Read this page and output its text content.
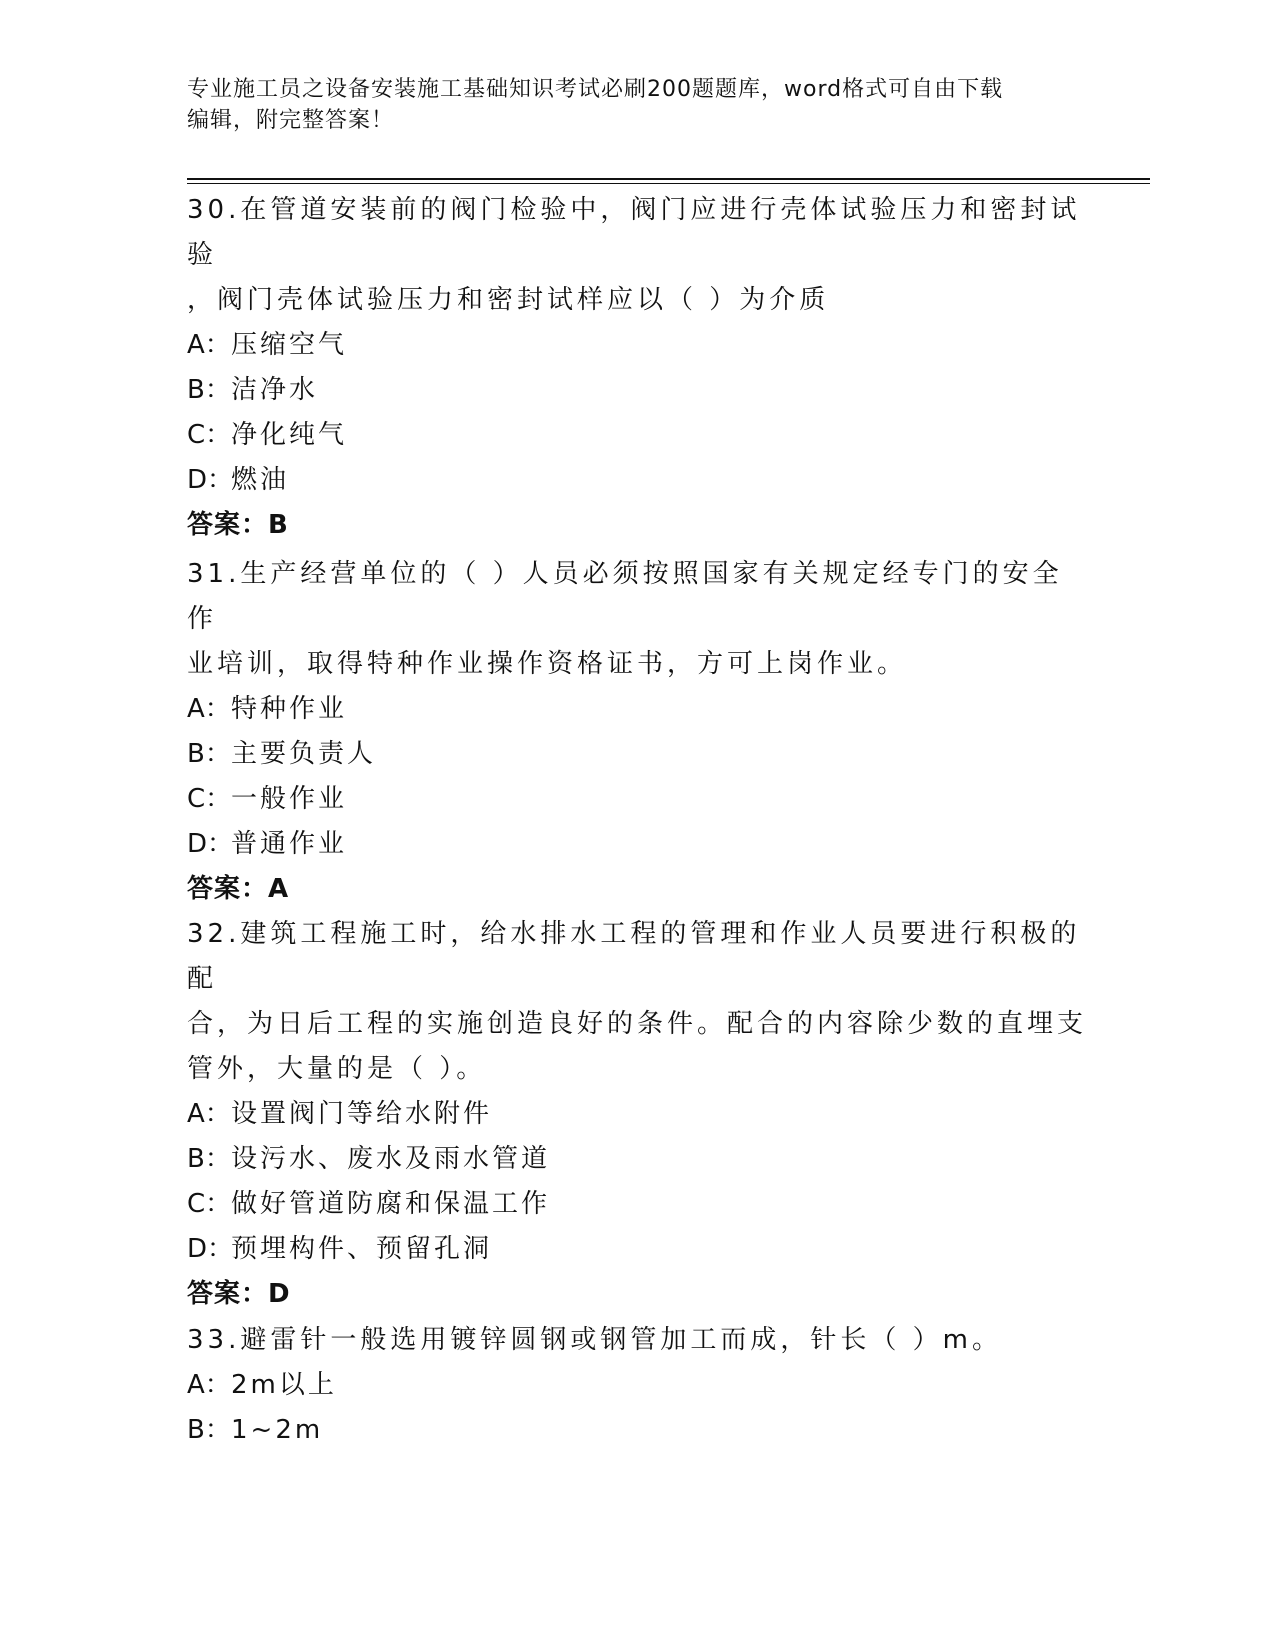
专业施工员之设备安装施工基础知识考试必刷200题题库，word格式可自由下载
编辑，附完整答案！

30.在管道安装前的阀门检验中，阀门应进行壳体试验压力和密封试验

，阀门壳体试验压力和密封试样应以（ ）为介质

A：压缩空气

B：洁净水

C：净化纯气

D：燃油

答案：B

31.生产经营单位的（ ）人员必须按照国家有关规定经专门的安全作

业培训，取得特种作业操作资格证书，方可上岗作业。

A：特种作业

B：主要负责人

C：一般作业

D：普通作业

答案：A

32.建筑工程施工时，给水排水工程的管理和作业人员要进行积极的配

合，为日后工程的实施创造良好的条件。配合的内容除少数的直埋支

管外，大量的是（ ）。

A：设置阀门等给水附件

B：设污水、废水及雨水管道

C：做好管道防腐和保温工作

D：预埋构件、预留孔洞

答案：D

33.避雷针一般选用镀锌圆钢或钢管加工而成，针长（ ）m。

A：2m以上

B：1~2m
